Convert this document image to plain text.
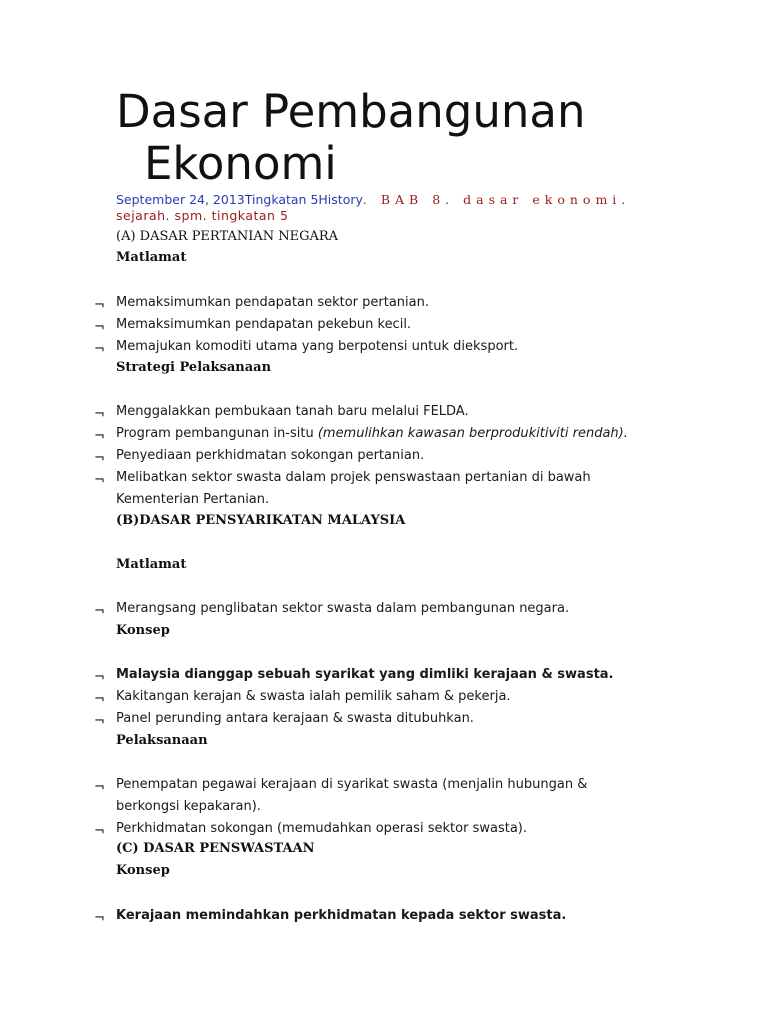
Dasar Pembangunan
Ekonomi
September 24, 2013Tingkatan 5History. BAB 8. dasar ekonomi.
sejarah. spm. tingkatan 5
(A) DASAR PERTANIAN NEGARA
Matlamat
¬ Memaksimumkan pendapatan sektor pertanian.
¬ Memaksimumkan pendapatan pekebun kecil.
¬ Memajukan komoditi utama yang berpotensi untuk dieksport.
Strategi Pelaksanaan
¬ Menggalakkan pembukaan tanah baru melalui FELDA.
¬ Program pembangunan in-situ (memulihkan kawasan berprodukitiviti rendah).
¬ Penyediaan perkhidmatan sokongan pertanian.
¬ Melibatkan sektor swasta dalam projek penswastaan pertanian di bawah
Kementerian Pertanian.
(B)DASAR PENSYARIKATAN MALAYSIA
Matlamat
¬ Merangsang penglibatan sektor swasta dalam pembangunan negara.
Konsep
¬ Malaysia dianggap sebuah syarikat yang dimliki kerajaan & swasta.
¬ Kakitangan kerajan & swasta ialah pemilik saham & pekerja.
¬ Panel perunding antara kerajaan & swasta ditubuhkan.
Pelaksanaan
¬ Penempatan pegawai kerajaan di syarikat swasta (menjalin hubungan &
berkongsi kepakaran).
¬ Perkhidmatan sokongan (memudahkan operasi sektor swasta).
(C) DASAR PENSWASTAAN
Konsep
¬ Kerajaan memindahkan perkhidmatan kepada sektor swasta.
